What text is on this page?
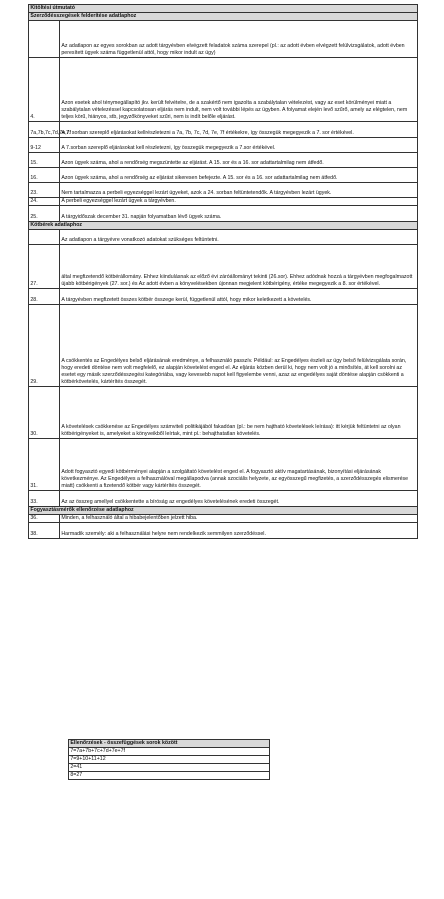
Kitöltési útmutató	
Szerződésszegések felderítése adatlaphoz	
	Az adatlapon az egyes sorokban az adott tárgyévben elvégzett feladatok száma szerepel (pl.: az adott évben elvégzett felülvizsgálatok, adott évben peresített ügyek száma függetlenül attól, hogy mikor indult az ügy)
4.	Azon esetek ahol ténymegállapító jkv. került felvételre, de a szakértő nem igazolta a szabálytalan vételezést, vagy az eset körülményei miatt a szabálytalan vételezéssel kapcsolatosan eljárás nem indult, nem volt további lépés az ügyben. A folyamat elején levő szűrő, amely az elégtelen, nem teljes körű, hiányos, stb, jegyzőkönyveket szűri, nem is indít belőle eljárást.
7a,7b,7c,7d,7e,7f	A 7. sorban szereplő eljárásokat kellrészletezni a 7a, 7b, 7c, 7d, 7e, 7f értékekre, így összegük megegyezik a 7. sor értékével.
9-12	A 7.sorban szereplő eljárásokat kell részletezni, így összegük megegyezik a 7.sor értékével.
15.	Azon ügyek száma, ahol a rendőrség megszüntette az eljárást. A 15. sor és a 16. sor adattartalmilag nem átfedő.
16.	Azon ügyek száma, ahol a rendőrség az eljárást sikeresen befejezte. A 15. sor és a 16. sor adattartalmilag nem átfedő.
23.	Nem tartalmazza a perbeli egyezséggel lezárt ügyeket, azok a 24. sorban feltüntetendők. A tárgyévben lezárt ügyek.
24.	A perbeli egyezséggel lezárt ügyek a tárgyévben.
25.	A tárgyidőszak december 31. napján folyamatban lévő ügyek száma.
Kötbérek adatlaphoz	
	Az adatlapon a tárgyévre vonatkozó adatokat szükséges feltüntetni.
27.	által megfizetendő kötbérállomány. Ehhez kiindulásnak az előző évi záróállományt tekinti (26.sor). Ehhez adódnak hozzá a tárgyévben megfogalmazott újabb kötbérigények (27. sor.) és Az adott évben a könyvelésekben újonnan megjelent kötbérigény, értéke megegyezik a 8. sor értékével.
28.	A tárgyévben megfizetett összes kötbér összege kerül, függetlenül attól, hogy mikor keletkezett a követelés.
29.	A csökkentés az Engedélyes belső eljárásának eredménye, a felhasználó passzív. Például: az Engedélyes észleli az ügy belső felülvizsgálata során, hogy eredeti döntése nem volt megfelelő, ez alapján követelést enged el. Az eljárás közben derül ki, hogy nem volt jó a minősítés, át kell sorolni az esetet egy másik szerződésszegési kategóriába, vagy kevesebb napot kell figyelembe venni, azaz az engedélyes saját döntése alapján csökkenti a kötbérkövetelés, kártérítés összegét.
30.	A követelések csökkenése az Engedélyes számviteli politikájából fakadóan (pl.: be nem hajtható követelések leírása): itt kérjük feltüntetni az olyan kötbérigényeket is, amelyeket a könyveikből leírtak, mint pl.: behajthatatlan követelés.
31.	Adott fogyasztó egyedi kötbérményei alapján a szolgáltató követelést enged el. A fogyasztó aktív magatartásának, bizonyítási eljárásának következménye. Az Engedélyes a felhasználóval megállapodva (annak szociális helyzete, az egyösszegű megfizetés, a szerződésszegés elismerése miatt) csökkenti a fizetendő kötbér vagy kártérítés összegét.
33.	Az az összeg amellyel csökkentette a bíróság az engedélyes követelésének eredeti összegét.
Fogyasztásmérők ellenőrzése adatlaphoz	
36.	Minden, a felhasználó által a hibabejelentőben jelzett hiba.
38.	Harmadik személy: aki a felhasználási helyre nem rendelkezik semmilyen szerződéssel.
Ellenőrzések - összefüggések sorok között
7=7a+7b+7c+7d+7e+7f
7=9+10+11+12
2=41
8=27
